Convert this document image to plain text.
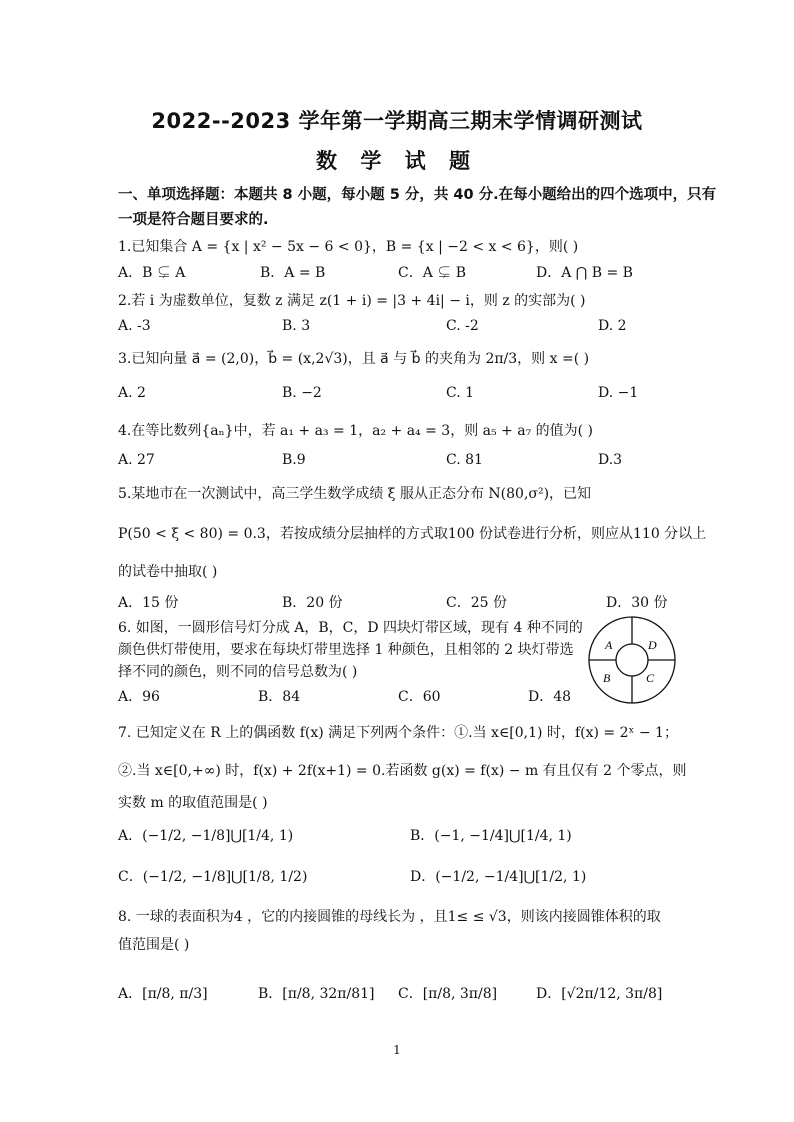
2022--2023 学年第一学期高三期末学情调研测试
数 学 试 题
一、单项选择题：本题共 8 小题，每小题 5 分，共 40 分.在每小题给出的四个选项中，只有
一项是符合题目要求的.
1.已知集合 A = {x | x² − 5x − 6 < 0}，B = {x | −2 < x < 6}，则( )
A．B ⊊ A	B．A = B	C．A ⊊ B	D．A ⋂ B = B
2.若 i 为虚数单位，复数 z 满足 z(1 + i) = |3 + 4i| − i，则 z 的实部为( )
A. -3	B. 3	C. -2	D. 2
3.已知向量 a⃗ = (2,0)，b⃗ = (x,2√3)，且 a⃗ 与 b⃗ 的夹角为 2π/3，则 x =( )
A. 2	B. −2	C. 1	D. −1
4.在等比数列{aₙ}中，若 a₁ + a₃ = 1，a₂ + a₄ = 3，则 a₅ + a₇ 的值为( )
A. 27	B.9	C. 81	D.3
5.某地市在一次测试中，高三学生数学成绩 ξ 服从正态分布 N(80,σ²)，已知
P(50 < ξ < 80) = 0.3，若按成绩分层抽样的方式取100 份试卷进行分析，则应从110 分以上
的试卷中抽取( )
A．15 份	B．20 份	C．25 份	D．30 份
6. 如图，一圆形信号灯分成 A，B，C，D 四块灯带区域，现有 4 种不同的
颜色供灯带使用，要求在每块灯带里选择 1 种颜色，且相邻的 2 块灯带选
择不同的颜色，则不同的信号总数为( )
A．96	B．84	C．60	D．48
A	D
B	C
7. 已知定义在 R 上的偶函数 f(x) 满足下列两个条件：①.当 x∈[0,1) 时，f(x) = 2ˣ − 1；
②.当 x∈[0,+∞) 时，f(x) + 2f(x+1) = 0.若函数 g(x) = f(x) − m 有且仅有 2 个零点，则
实数 m 的取值范围是( )
A．(−1/2, −1/8]⋃[1/4, 1)	B．(−1, −1/4]⋃[1/4, 1)
C．(−1/2, −1/8]⋃[1/8, 1/2)	D．(−1/2, −1/4]⋃[1/2, 1)
8. 一球的表面积为4 ，它的内接圆锥的母线长为 ，且1≤ ≤ √3，则该内接圆锥体积的取
值范围是( )
A．[π/8, π/3]	B．[π/8, 32π/81] C．[π/8, 3π/8]	D．[√2π/12, 3π/8]
1
